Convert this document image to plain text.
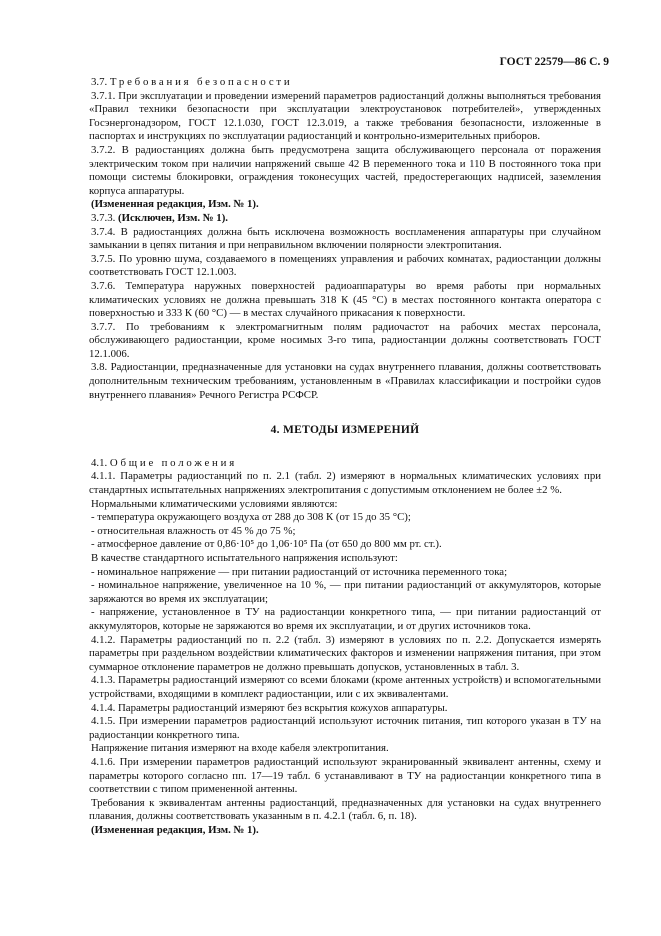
ГОСТ 22579—86 С. 9

3.7. Требования безопасности

3.7.1. При эксплуатации и проведении измерений параметров радиостанций должны выполняться требования «Правил техники безопасности при эксплуатации электроустановок потребителей», утвержденных Госэнергонадзором, ГОСТ 12.1.030, ГОСТ 12.3.019, а также требования безопасности, изложенные в паспортах и инструкциях по эксплуатации радиостанций и контрольно-измерительных приборов.

3.7.2. В радиостанциях должна быть предусмотрена защита обслуживающего персонала от поражения электрическим током при наличии напряжений свыше 42 В переменного тока и 110 В постоянного тока при помощи системы блокировки, ограждения токонесущих частей, предостерегающих надписей, заземления корпуса аппаратуры.

(Измененная редакция, Изм. № 1).

3.7.3. (Исключен, Изм. № 1).

3.7.4. В радиостанциях должна быть исключена возможность воспламенения аппаратуры при случайном замыкании в цепях питания и при неправильном включении полярности электропитания.

3.7.5. По уровню шума, создаваемого в помещениях управления и рабочих комнатах, радиостанции должны соответствовать ГОСТ 12.1.003.

3.7.6. Температура наружных поверхностей радиоаппаратуры во время работы при нормальных климатических условиях не должна превышать 318 К (45 °С) в местах постоянного контакта оператора с поверхностью и 333 К (60 °С) — в местах случайного прикасания к поверхности.

3.7.7. По требованиям к электромагнитным полям радиочастот на рабочих местах персонала, обслуживающего радиостанции, кроме носимых 3-го типа, радиостанции должны соответствовать ГОСТ 12.1.006.

3.8. Радиостанции, предназначенные для установки на судах внутреннего плавания, должны соответствовать дополнительным техническим требованиям, установленным в «Правилах классификации и постройки судов внутреннего плавания» Речного Регистра РСФСР.

4. МЕТОДЫ ИЗМЕРЕНИЙ

4.1. Общие положения

4.1.1. Параметры радиостанций по п. 2.1 (табл. 2) измеряют в нормальных климатических условиях при стандартных испытательных напряжениях электропитания с допустимым отклонением не более ±2 %.

Нормальными климатическими условиями являются:

- температура окружающего воздуха от 288 до 308 К (от 15 до 35 °С);

- относительная влажность от 45 % до 75 %;

- атмосферное давление от 0,86·10⁵ до 1,06·10⁵ Па (от 650 до 800 мм рт. ст.).

В качестве стандартного испытательного напряжения используют:

- номинальное напряжение — при питании радиостанций от источника переменного тока;

- номинальное напряжение, увеличенное на 10 %, — при питании радиостанций от аккумуляторов, которые заряжаются во время их эксплуатации;

- напряжение, установленное в ТУ на радиостанции конкретного типа, — при питании радиостанций от аккумуляторов, которые не заряжаются во время их эксплуатации, и от других источников тока.

4.1.2. Параметры радиостанций по п. 2.2 (табл. 3) измеряют в условиях по п. 2.2. Допускается измерять параметры при раздельном воздействии климатических факторов и изменении напряжения питания, при этом суммарное отклонение параметров не должно превышать допусков, установленных в табл. 3.

4.1.3. Параметры радиостанций измеряют со всеми блоками (кроме антенных устройств) и вспомогательными устройствами, входящими в комплект радиостанции, или с их эквивалентами.

4.1.4. Параметры радиостанций измеряют без вскрытия кожухов аппаратуры.

4.1.5. При измерении параметров радиостанций используют источник питания, тип которого указан в ТУ на радиостанции конкретного типа.

Напряжение питания измеряют на входе кабеля электропитания.

4.1.6. При измерении параметров радиостанций используют экранированный эквивалент антенны, схему и параметры которого согласно пп. 17—19 табл. 6 устанавливают в ТУ на радиостанции конкретного типа в соответствии с типом примененной антенны.

Требования к эквивалентам антенны радиостанций, предназначенных для установки на судах внутреннего плавания, должны соответствовать указанным в п. 4.2.1 (табл. 6, п. 18).

(Измененная редакция, Изм. № 1).
